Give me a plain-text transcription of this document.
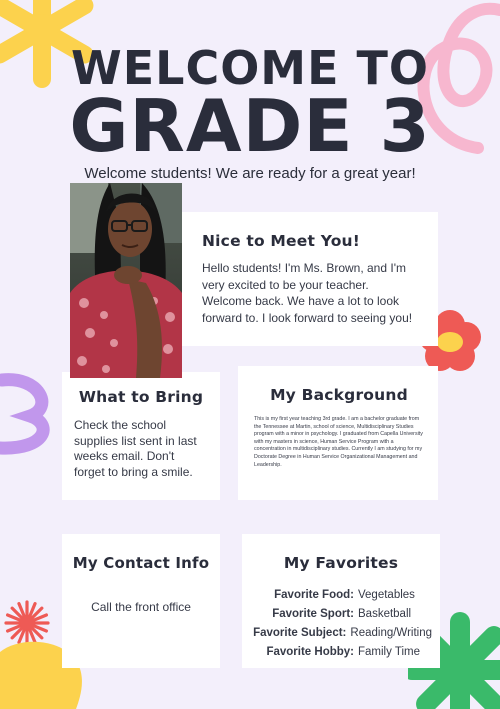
WELCOME TO
GRADE 3
Welcome students! We are ready for a great year!
Nice to Meet You!

Hello students! I'm Ms. Brown, and I'm very excited to be your teacher. Welcome back. We have a lot to look forward to. I look forward to seeing you!

What to Bring

Check the school supplies list sent in last weeks email. Don't forget to bring a smile.

My Background

This is my first year teaching 3rd grade. I am a bachelor graduate from the Tennessee at Martin, school of science, Multidisciplinary Studies program with a minor in psychology. I graduated from Capella University with my masters in science, Human Service Program with a concentration in multidisciplinary studies. Currently I am studying for my Doctorate Degree in Human Service Organizational Management and Leadership.

My Contact Info

Call the front office

My Favorites
Favorite Food: Vegetables
Favorite Sport: Basketball
Favorite Subject: Reading/Writing
Favorite Hobby: Family Time
